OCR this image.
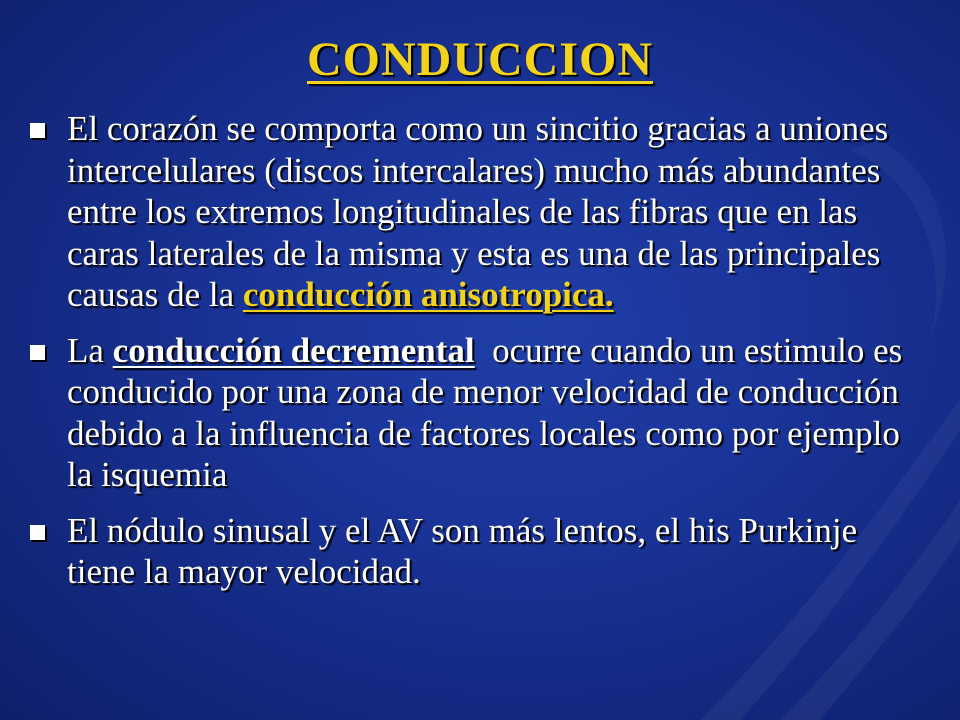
CONDUCCION
El corazón se comporta como un sincitio gracias a uniones intercelulares (discos intercalares) mucho más abundantes entre los extremos longitudinales de las fibras que en las caras laterales de la misma y esta es una de las principales causas de la conducción anisotropica.
La conducción decremental  ocurre cuando un estimulo es conducido por una zona de menor velocidad de conducción debido a la influencia de factores locales como por ejemplo la isquemia
El nódulo sinusal y el AV son más lentos, el his Purkinje tiene la mayor velocidad.
